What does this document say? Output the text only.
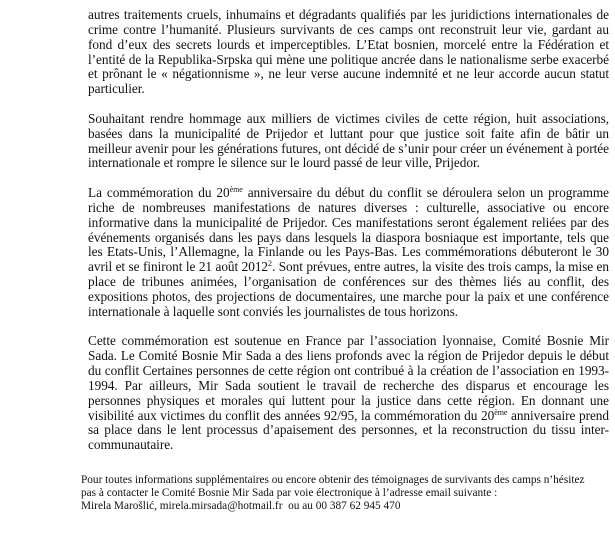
autres traitements cruels, inhumains et dégradants qualifiés par les juridictions internationales de crime contre l’humanité. Plusieurs survivants de ces camps ont reconstruit leur vie, gardant au fond d’eux des secrets lourds et imperceptibles. L’Etat bosnien, morcelé entre la Fédération et l’entité de la Republika-Srpska qui mène une politique ancrée dans le nationalisme serbe exacerbé et prônant le « négationnisme », ne leur verse aucune indemnité et ne leur accorde aucun statut particulier.

Souhaitant rendre hommage aux milliers de victimes civiles de cette région, huit associations, basées dans la municipalité de Prijedor et luttant pour que justice soit faite afin de bâtir un meilleur avenir pour les générations futures, ont décidé de s’unir pour créer un événement à portée internationale et rompre le silence sur le lourd passé de leur ville, Prijedor.

La commémoration du 20ème anniversaire du début du conflit se déroulera selon un programme riche de nombreuses manifestations de natures diverses : culturelle, associative ou encore informative dans la municipalité de Prijedor. Ces manifestations seront également reliées par des événements organisés dans les pays dans lesquels la diaspora bosniaque est importante, tels que les Etats-Unis, l’Allemagne, la Finlande ou les Pays-Bas. Les commémorations débuteront le 30 avril et se finiront le 21 août 2012$^2$. Sont prévues, entre autres, la visite des trois camps, la mise en place de tribunes animées, l’organisation de conférences sur des thèmes liés au conflit, des expositions photos, des projections de documentaires, une marche pour la paix et une conférence internationale à laquelle sont conviés les journalistes de tous horizons.

Cette commémoration est soutenue en France par l’association lyonnaise, Comité Bosnie Mir Sada. Le Comité Bosnie Mir Sada a des liens profonds avec la région de Prijedor depuis le début du conflit Certaines personnes de cette région ont contribué à la création de l’association en 1993-1994. Par ailleurs, Mir Sada soutient le travail de recherche des disparus et encourage les personnes physiques et morales qui luttent pour la justice dans cette région. En donnant une visibilité aux victimes du conflit des années 92/95, la commémoration du 20ème anniversaire prend sa place dans le lent processus d’apaisement des personnes, et la reconstruction du tissu inter-communautaire.

Pour toutes informations supplémentaires ou encore obtenir des témoignages de survivants des camps n’hésitez
pas à contacter le Comité Bosnie Mir Sada par voie électronique à l’adresse email suivante :
Mirela Marošlić, mirela.mirsada@hotmail.fr  ou au 00 387 62 945 470
